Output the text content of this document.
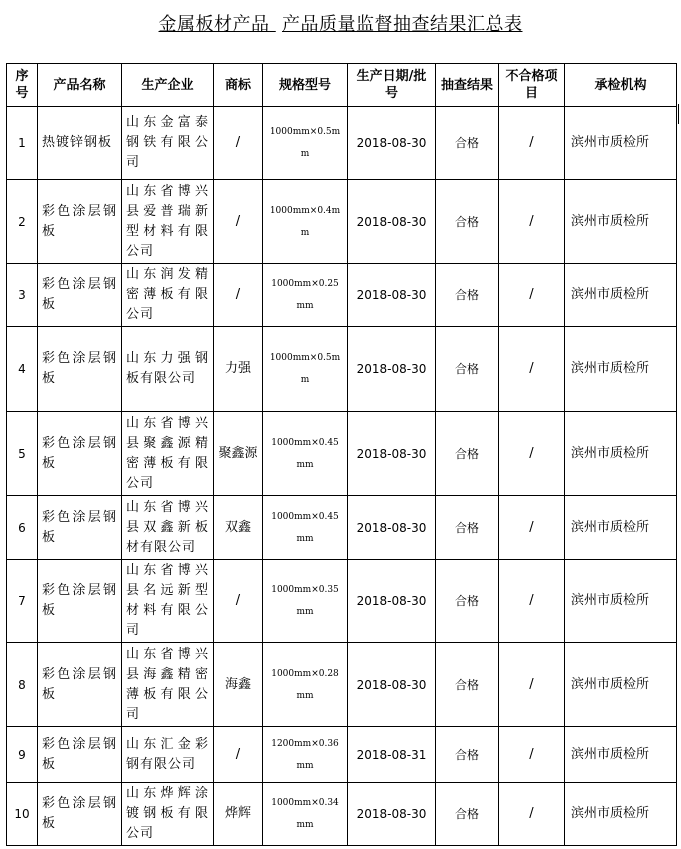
金属板材产品 产品质量监督抽查结果汇总表
序号	产品名称	生产企业	商标	规格型号	生产日期/批号	抽查结果	不合格项目	承检机构
1	热镀锌钢板	山东金富泰钢铁有限公司	/	1000mm×0.5mm	2018-08-30	合格	/	滨州市质检所
2	彩色涂层钢板	山东省博兴县爱普瑞新型材料有限公司	/	1000mm×0.4mm	2018-08-30	合格	/	滨州市质检所
3	彩色涂层钢板	山东润发精密薄板有限公司	/	1000mm×0.25mm	2018-08-30	合格	/	滨州市质检所
4	彩色涂层钢板	山东力强钢板有限公司	力强	1000mm×0.5mm	2018-08-30	合格	/	滨州市质检所
5	彩色涂层钢板	山东省博兴县聚鑫源精密薄板有限公司	聚鑫源	1000mm×0.45mm	2018-08-30	合格	/	滨州市质检所
6	彩色涂层钢板	山东省博兴县双鑫新板材有限公司	双鑫	1000mm×0.45mm	2018-08-30	合格	/	滨州市质检所
7	彩色涂层钢板	山东省博兴县名远新型材料有限公司	/	1000mm×0.35mm	2018-08-30	合格	/	滨州市质检所
8	彩色涂层钢板	山东省博兴县海鑫精密薄板有限公司	海鑫	1000mm×0.28mm	2018-08-30	合格	/	滨州市质检所
9	彩色涂层钢板	山东汇金彩钢有限公司	/	1200mm×0.36mm	2018-08-31	合格	/	滨州市质检所
10	彩色涂层钢板	山东烨辉涂镀钢板有限公司	烨辉	1000mm×0.34mm	2018-08-30	合格	/	滨州市质检所
